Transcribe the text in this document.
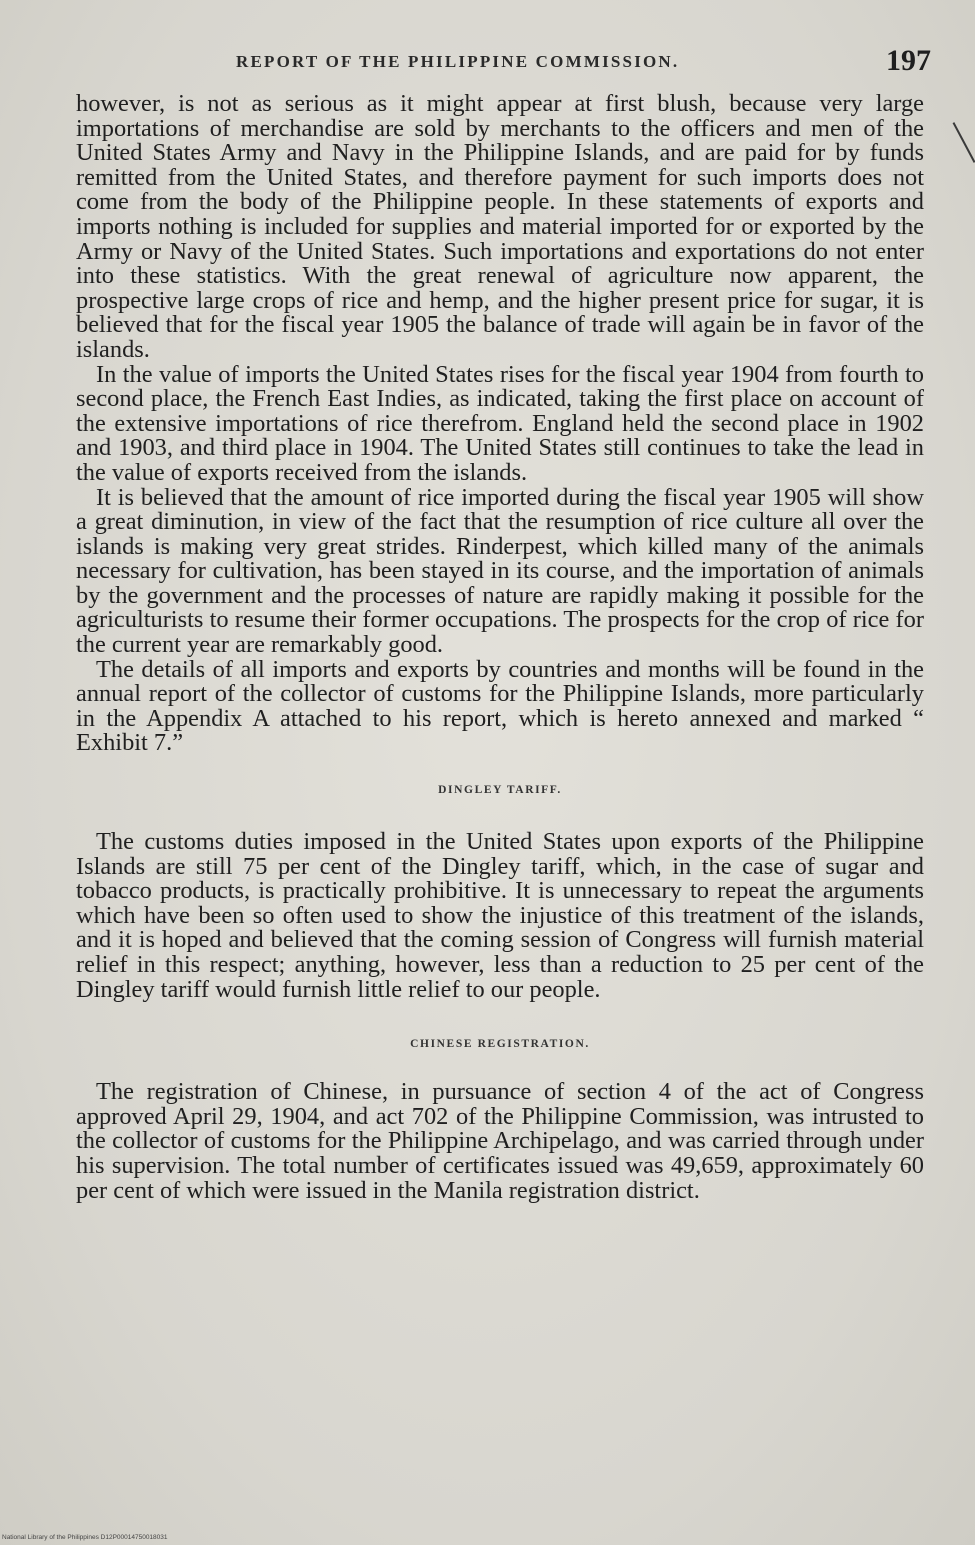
REPORT OF THE PHILIPPINE COMMISSION.	197

however, is not as serious as it might appear at first blush, because very large importations of merchandise are sold by merchants to the officers and men of the United States Army and Navy in the Philippine Islands, and are paid for by funds remitted from the United States, and therefore payment for such imports does not come from the body of the Philippine people. In these statements of exports and imports nothing is included for supplies and material imported for or exported by the Army or Navy of the United States. Such importations and exportations do not enter into these statistics. With the great renewal of agriculture now apparent, the prospective large crops of rice and hemp, and the higher present price for sugar, it is believed that for the fiscal year 1905 the balance of trade will again be in favor of the islands.

In the value of imports the United States rises for the fiscal year 1904 from fourth to second place, the French East Indies, as indicated, taking the first place on account of the extensive importations of rice therefrom. England held the second place in 1902 and 1903, and third place in 1904. The United States still continues to take the lead in the value of exports received from the islands.

It is believed that the amount of rice imported during the fiscal year 1905 will show a great diminution, in view of the fact that the resumption of rice culture all over the islands is making very great strides. Rinderpest, which killed many of the animals necessary for cultivation, has been stayed in its course, and the importation of animals by the government and the processes of nature are rapidly making it possible for the agriculturists to resume their former occupations. The prospects for the crop of rice for the current year are remarkably good.

The details of all imports and exports by countries and months will be found in the annual report of the collector of customs for the Philippine Islands, more particularly in the Appendix A attached to his report, which is hereto annexed and marked “ Exhibit 7.”

DINGLEY TARIFF.

The customs duties imposed in the United States upon exports of the Philippine Islands are still 75 per cent of the Dingley tariff, which, in the case of sugar and tobacco products, is practically prohibitive. It is unnecessary to repeat the arguments which have been so often used to show the injustice of this treatment of the islands, and it is hoped and believed that the coming session of Congress will furnish material relief in this respect; anything, however, less than a reduction to 25 per cent of the Dingley tariff would furnish little relief to our people.

CHINESE REGISTRATION.

The registration of Chinese, in pursuance of section 4 of the act of Congress approved April 29, 1904, and act 702 of the Philippine Commission, was intrusted to the collector of customs for the Philippine Archipelago, and was carried through under his supervision. The total number of certificates issued was 49,659, approximately 60 per cent of which were issued in the Manila registration district.

National Library of the Philippines D12P00014750018031
